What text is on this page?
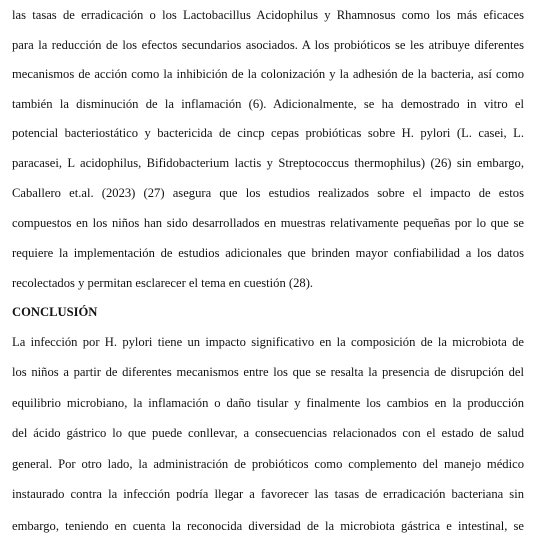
las tasas de erradicación o los Lactobacillus Acidophilus y Rhamnosus como los más eficaces
para la reducción de los efectos secundarios asociados. A los probióticos se les atribuye diferentes
mecanismos de acción como la inhibición de la colonización y la adhesión de la bacteria, así como
también la disminución de la inflamación (6). Adicionalmente, se ha demostrado in vitro el
potencial bacteriostático y bactericida de cincp cepas probióticas sobre H. pylori (L. casei, L.
paracasei, L acidophilus, Bifidobacterium lactis y Streptococcus thermophilus) (26) sin embargo,
Caballero et.al. (2023) (27) asegura que los estudios realizados sobre el impacto de estos
compuestos en los niños han sido desarrollados en muestras relativamente pequeñas por lo que se
requiere la implementación de estudios adicionales que brinden mayor confiabilidad a los datos
recolectados y permitan esclarecer el tema en cuestión (28).
CONCLUSIÓN
La infección por H. pylori tiene un impacto significativo en la composición de la microbiota de
los niños a partir de diferentes mecanismos entre los que se resalta la presencia de disrupción del
equilibrio microbiano, la inflamación o daño tisular y finalmente los cambios en la producción
del ácido gástrico lo que puede conllevar, a consecuencias relacionados con el estado de salud
general. Por otro lado, la administración de probióticos como complemento del manejo médico
instaurado contra la infección podría llegar a favorecer las tasas de erradicación bacteriana sin
embargo, teniendo en cuenta la reconocida diversidad de la microbiota gástrica e intestinal, se
